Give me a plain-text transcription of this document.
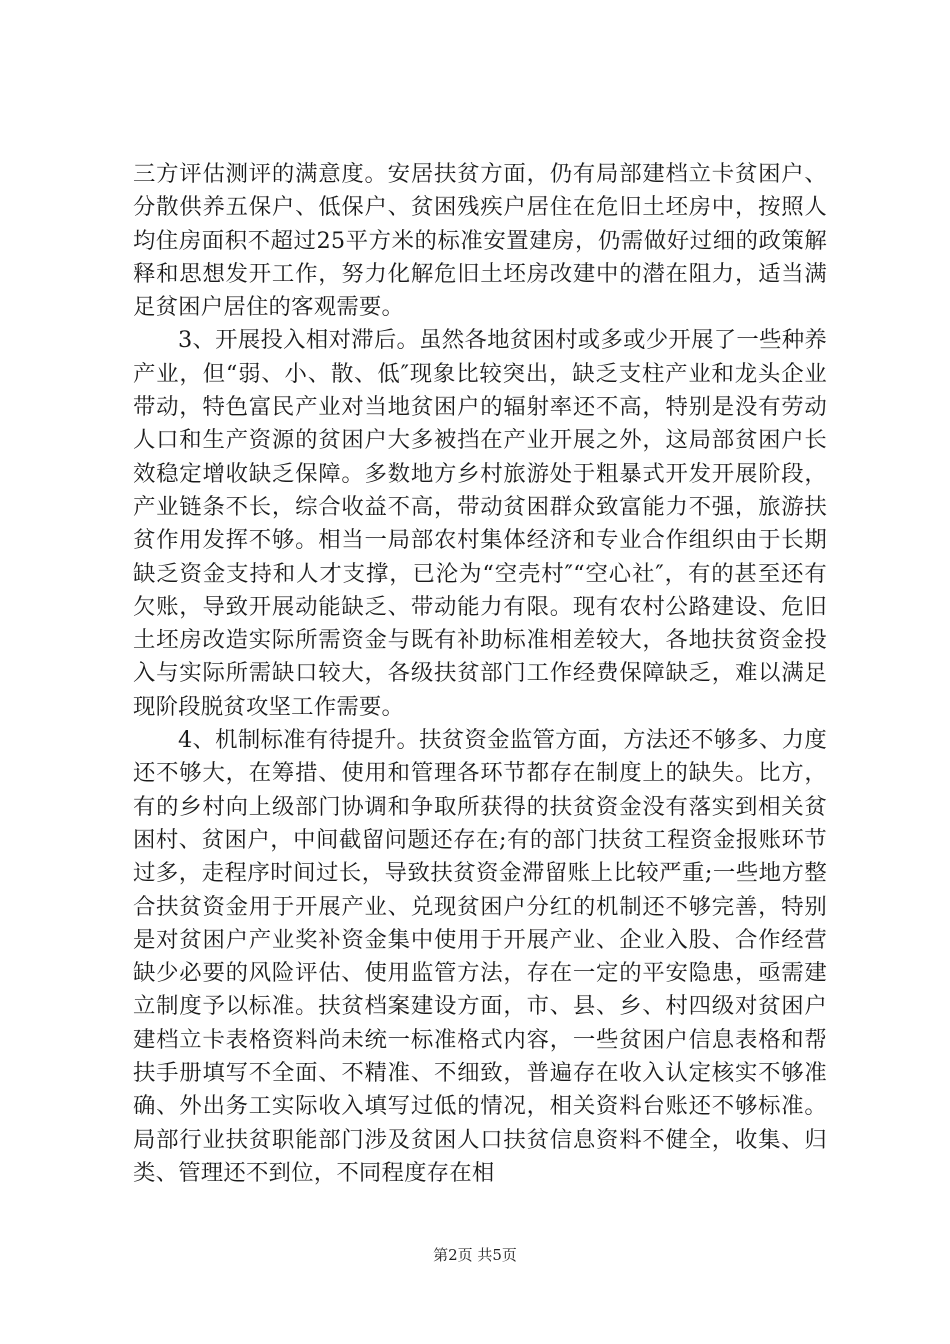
三方评估测评的满意度。安居扶贫方面，仍有局部建档立卡贫困户、分散供养五保户、低保户、贫困残疾户居住在危旧土坯房中，按照人均住房面积不超过25平方米的标准安置建房，仍需做好过细的政策解释和思想发开工作，努力化解危旧土坯房改建中的潜在阻力，适当满足贫困户居住的客观需要。

3、开展投入相对滞后。虽然各地贫困村或多或少开展了一些种养产业，但“弱、小、散、低″现象比较突出，缺乏支柱产业和龙头企业带动，特色富民产业对当地贫困户的辐射率还不高，特别是没有劳动人口和生产资源的贫困户大多被挡在产业开展之外，这局部贫困户长效稳定增收缺乏保障。多数地方乡村旅游处于粗暴式开发开展阶段，产业链条不长，综合收益不高，带动贫困群众致富能力不强，旅游扶贫作用发挥不够。相当一局部农村集体经济和专业合作组织由于长期缺乏资金支持和人才支撑，已沦为“空壳村″“空心社″，有的甚至还有欠账，导致开展动能缺乏、带动能力有限。现有农村公路建设、危旧土坯房改造实际所需资金与既有补助标准相差较大，各地扶贫资金投入与实际所需缺口较大，各级扶贫部门工作经费保障缺乏，难以满足现阶段脱贫攻坚工作需要。

4、机制标准有待提升。扶贫资金监管方面，方法还不够多、力度还不够大，在筹措、使用和管理各环节都存在制度上的缺失。比方，有的乡村向上级部门协调和争取所获得的扶贫资金没有落实到相关贫困村、贫困户，中间截留问题还存在;有的部门扶贫工程资金报账环节过多，走程序时间过长，导致扶贫资金滞留账上比较严重;一些地方整合扶贫资金用于开展产业、兑现贫困户分红的机制还不够完善，特别是对贫困户产业奖补资金集中使用于开展产业、企业入股、合作经营缺少必要的风险评估、使用监管方法，存在一定的平安隐患，亟需建立制度予以标准。扶贫档案建设方面，市、县、乡、村四级对贫困户建档立卡表格资料尚未统一标准格式内容，一些贫困户信息表格和帮扶手册填写不全面、不精准、不细致，普遍存在收入认定核实不够准确、外出务工实际收入填写过低的情况，相关资料台账还不够标准。局部行业扶贫职能部门涉及贫困人口扶贫信息资料不健全，收集、归类、管理还不到位，不同程度存在相

第2页 共5页
